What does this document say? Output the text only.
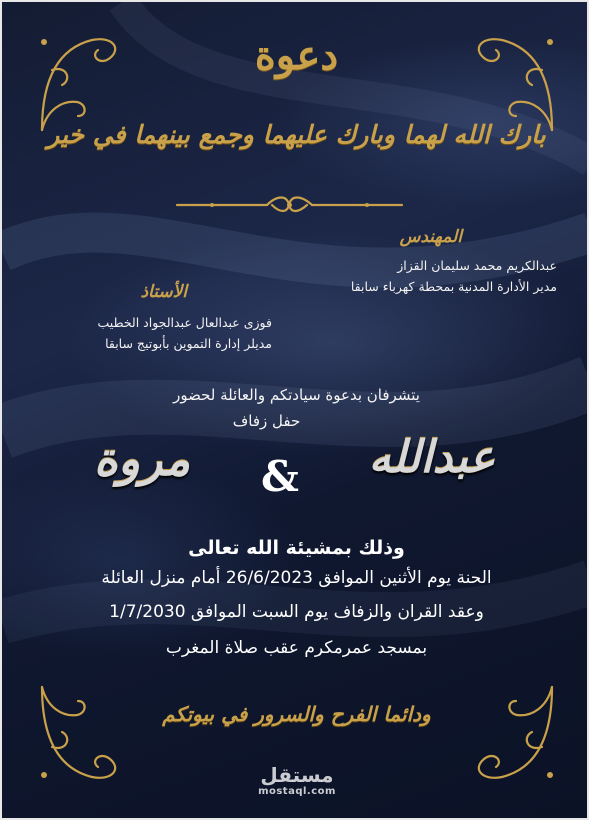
دعوة
بارك الله لهما وبارك عليهما وجمع بينهما في خير
المهندس
عبدالكريم محمد سليمان القزاز
مدير الأدارة المدنية بمحطة كهرباء سابقا
الأستاذ
فوزى عبدالعال عبدالجواد الخطيب
مديلر إدارة التموين بأبوتيج سابقا
يتشرفان بدعوة سيادتكم والعائلة لحضور
حفل زفاف
عبدالله
&
مروة
وذلك بمشيئة الله تعالى
الحنة يوم الأثنين الموافق 26/6/2023 أمام منزل العائلة
وعقد القران والزفاف يوم السبت الموافق 1/7/2030
بمسجد عمرمكرم عقب صلاة المغرب
ودائما الفرح والسرور في بيوتكم
مستقل
mostaql.com
